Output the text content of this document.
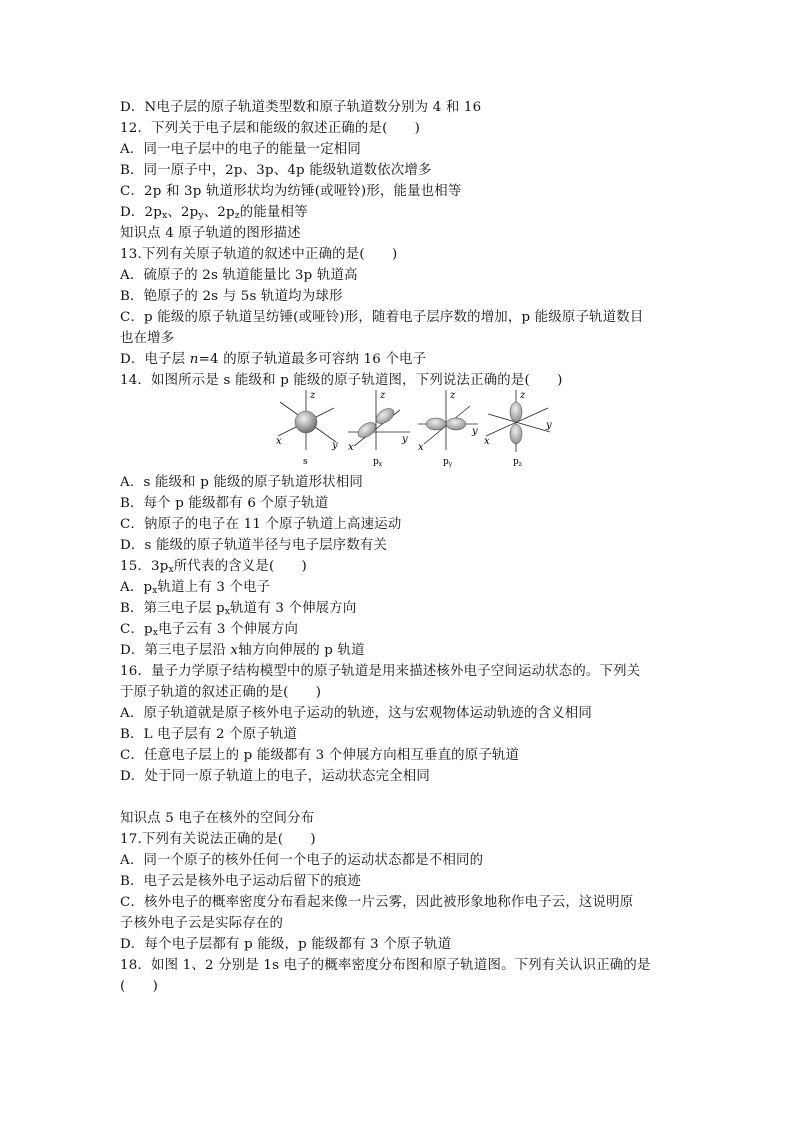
D．N电子层的原子轨道类型数和原子轨道数分别为 4 和 16
12．下列关于电子层和能级的叙述正确的是(　　)
A．同一电子层中的电子的能量一定相同
B．同一原子中，2p、3p、4p 能级轨道数依次增多
C．2p 和 3p 轨道形状均为纺锤(或哑铃)形，能量也相等
D．$2p_x$、$2p_y$、$2p_z$的能量相等
知识点 4 原子轨道的图形描述
13.下列有关原子轨道的叙述中正确的是(　　)
A．硫原子的 2s 轨道能量比 3p 轨道高
B．铯原子的 2s 与 5s 轨道均为球形
C．p 能级的原子轨道呈纺锤(或哑铃)形，随着电子层序数的增加，p 能级原子轨道数目
也在增多
D．电子层 n=4 的原子轨道最多可容纳 16 个电子
14．如图所示是 s 能级和 p 能级的原子轨道图，下列说法正确的是(　　)
z
x	y
s
z
x
y
$p_x$
z
x
y
$p_y$
z
x
y
$p_z$
A．s 能级和 p 能级的原子轨道形状相同
B．每个 p 能级都有 6 个原子轨道
C．钠原子的电子在 11 个原子轨道上高速运动
D．s 能级的原子轨道半径与电子层序数有关
15．$3p_x$所代表的含义是(　　)
A．$p_x$轨道上有 3 个电子
B．第三电子层 $p_x$轨道有 3 个伸展方向
C．$p_x$电子云有 3 个伸展方向
D．第三电子层沿 x轴方向伸展的 p 轨道
16．量子力学原子结构模型中的原子轨道是用来描述核外电子空间运动状态的。下列关
于原子轨道的叙述正确的是(　　)
A．原子轨道就是原子核外电子运动的轨迹，这与宏观物体运动轨迹的含义相同
B．L 电子层有 2 个原子轨道
C．任意电子层上的 p 能级都有 3 个伸展方向相互垂直的原子轨道
D．处于同一原子轨道上的电子，运动状态完全相同
知识点 5 电子在核外的空间分布
17.下列有关说法正确的是(　　)
A．同一个原子的核外任何一个电子的运动状态都是不相同的
B．电子云是核外电子运动后留下的痕迹
C．核外电子的概率密度分布看起来像一片云雾，因此被形象地称作电子云，这说明原
子核外电子云是实际存在的
D．每个电子层都有 p 能级，p 能级都有 3 个原子轨道
18．如图 1、2 分别是 1s 电子的概率密度分布图和原子轨道图。下列有关认识正确的是
(　　)
